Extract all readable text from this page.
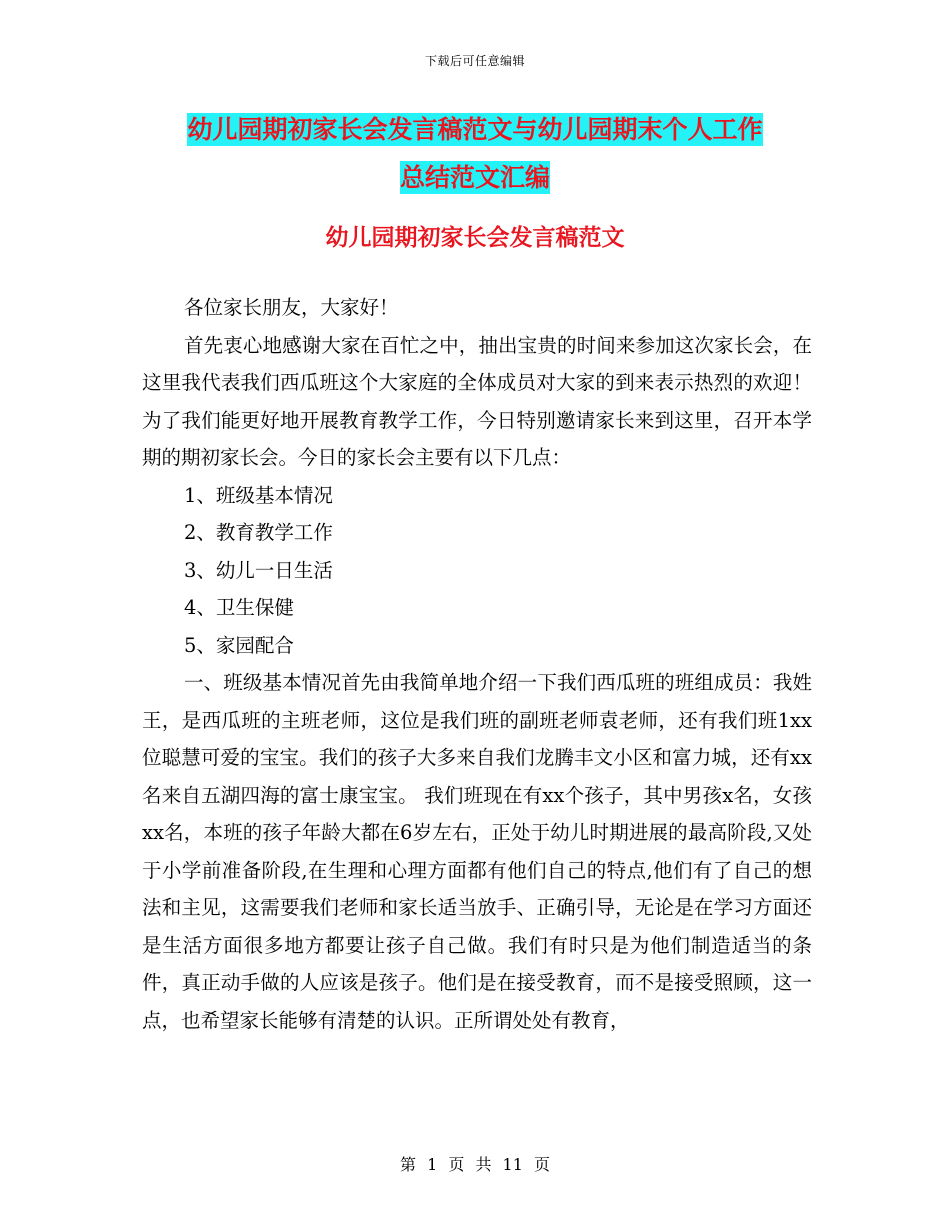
下载后可任意编辑
幼儿园期初家长会发言稿范文与幼儿园期末个人工作
总结范文汇编
幼儿园期初家长会发言稿范文

各位家长朋友，大家好！

首先衷心地感谢大家在百忙之中，抽出宝贵的时间来参加这次家长会，在这里我代表我们西瓜班这个大家庭的全体成员对大家的到来表示热烈的欢迎！ 为了我们能更好地开展教育教学工作，今日特别邀请家长来到这里，召开本学期的期初家长会。今日的家长会主要有以下几点：

1、班级基本情况

2、教育教学工作

3、幼儿一日生活

4、卫生保健

5、家园配合

一、班级基本情况首先由我简单地介绍一下我们西瓜班的班组成员：我姓王，是西瓜班的主班老师，这位是我们班的副班老师袁老师，还有我们班1xx位聪慧可爱的宝宝。我们的孩子大多来自我们龙腾丰文小区和富力城，还有xx名来自五湖四海的富士康宝宝。 我们班现在有xx个孩子，其中男孩x名，女孩xx名，本班的孩子年龄大都在6岁左右，正处于幼儿时期进展的最高阶段,又处于小学前准备阶段,在生理和心理方面都有他们自己的特点,他们有了自己的想法和主见，这需要我们老师和家长适当放手、正确引导，无论是在学习方面还是生活方面很多地方都要让孩子自己做。我们有时只是为他们制造适当的条件，真正动手做的人应该是孩子。他们是在接受教育，而不是接受照顾，这一点，也希望家长能够有清楚的认识。正所谓处处有教育，

第 1 页 共 11 页
